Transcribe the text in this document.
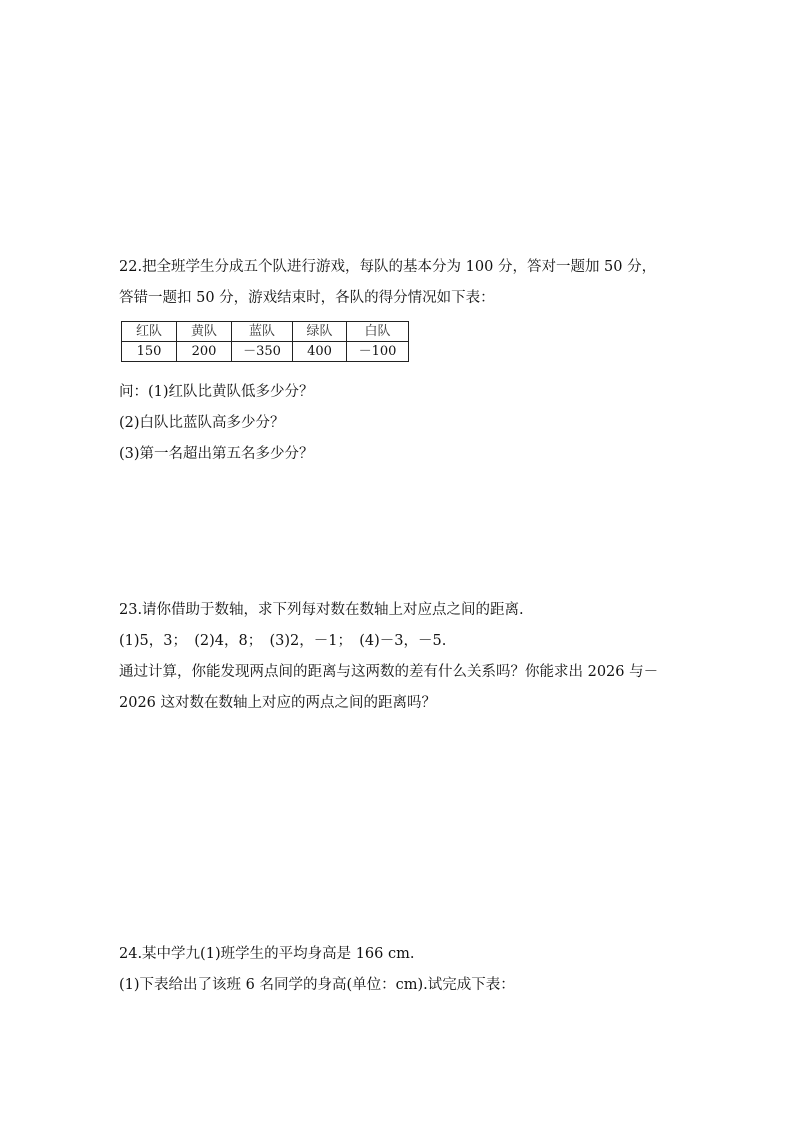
22.把全班学生分成五个队进行游戏，每队的基本分为 100 分，答对一题加 50 分，
答错一题扣 50 分，游戏结束时，各队的得分情况如下表：
红队	黄队	蓝队	绿队	白队
150	200	－350	400	－100
问：(1)红队比黄队低多少分？
(2)白队比蓝队高多少分？
(3)第一名超出第五名多少分？
23.请你借助于数轴，求下列每对数在数轴上对应点之间的距离.
(1)5，3；　(2)4，8；　(3)2，－1；　(4)－3，－5.
通过计算，你能发现两点间的距离与这两数的差有什么关系吗？你能求出 2026 与－
2026 这对数在数轴上对应的两点之间的距离吗？
24.某中学九(1)班学生的平均身高是 166 cm.
(1)下表给出了该班 6 名同学的身高(单位：cm).试完成下表：
